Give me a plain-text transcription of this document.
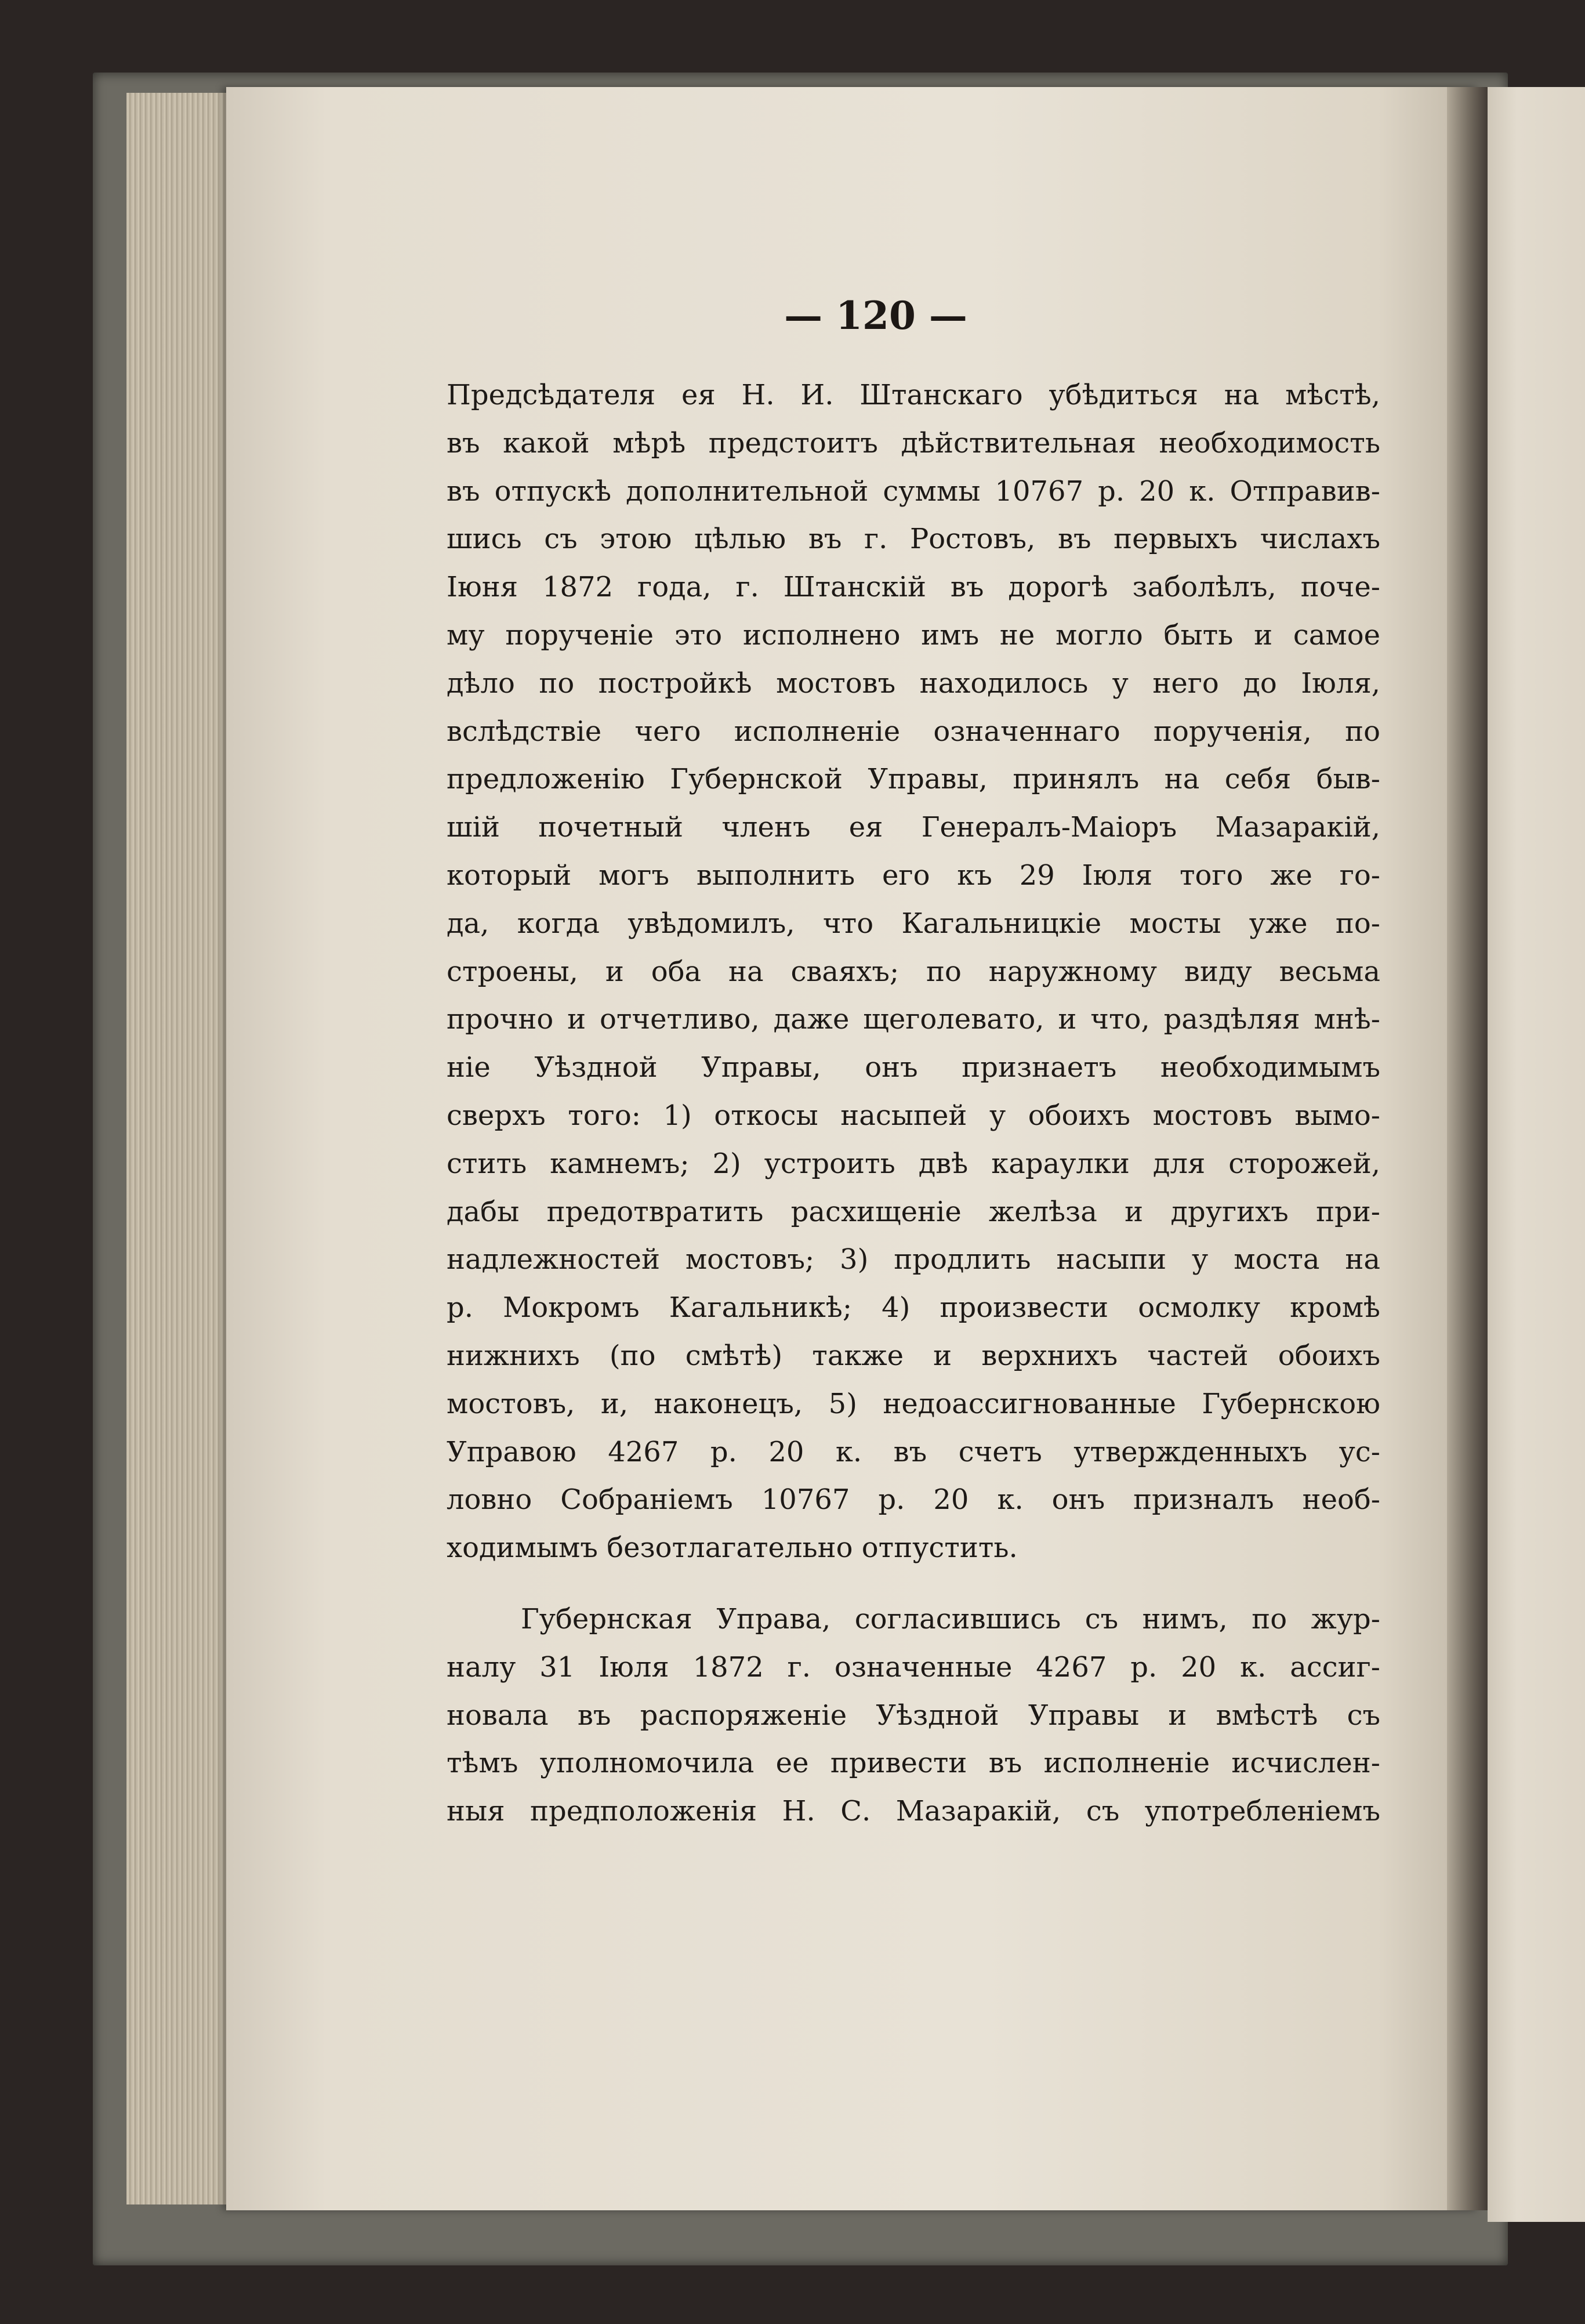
— 120 —

Предсѣдателя ея Н. И. Штанскаго убѣдиться на мѣстѣ,
въ какой мѣрѣ предстоитъ дѣйствительная необходимость
въ отпускѣ дополнительной суммы 10767 р. 20 к. Отправив-
шись съ этою цѣлью въ г. Ростовъ, въ первыхъ числахъ
Іюня 1872 года, г. Штанскій въ дорогѣ заболѣлъ, поче-
му порученіе это исполнено имъ не могло быть и самое
дѣло по постройкѣ мостовъ находилось у него до Іюля,
вслѣдствіе чего исполненіе означеннаго порученія, по
предложенію Губернской Управы, принялъ на себя быв-
шій почетный членъ ея Генералъ-Маіоръ Мазаракій,
который могъ выполнить его къ 29 Іюля того же го-
да, когда увѣдомилъ, что Кагальницкіе мосты уже по-
строены, и оба на сваяхъ; по наружному виду весьма
прочно и отчетливо, даже щеголевато, и что, раздѣляя мнѣ-
ніе Уѣздной Управы, онъ признаетъ необходимымъ
сверхъ того: 1) откосы насыпей у обоихъ мостовъ вымо-
стить камнемъ; 2) устроить двѣ караулки для сторожей,
дабы предотвратить расхищеніе желѣза и другихъ при-
надлежностей мостовъ; 3) продлить насыпи у моста на
р. Мокромъ Кагальникѣ; 4) произвести осмолку кромѣ
нижнихъ (по смѣтѣ) также и верхнихъ частей обоихъ
мостовъ, и, наконецъ, 5) недоассигнованные Губернскою
Управою 4267 р. 20 к. въ счетъ утвержденныхъ ус-
ловно Собраніемъ 10767 р. 20 к. онъ призналъ необ-
ходимымъ безотлагательно отпустить.
Губернская Управа, согласившись съ нимъ, по жур-
налу 31 Іюля 1872 г. означенные 4267 р. 20 к. ассиг-
новала въ распоряженіе Уѣздной Управы и вмѣстѣ съ
тѣмъ уполномочила ее привести въ исполненіе исчислен-
ныя предположенія Н. С. Мазаракій, съ употребленіемъ
